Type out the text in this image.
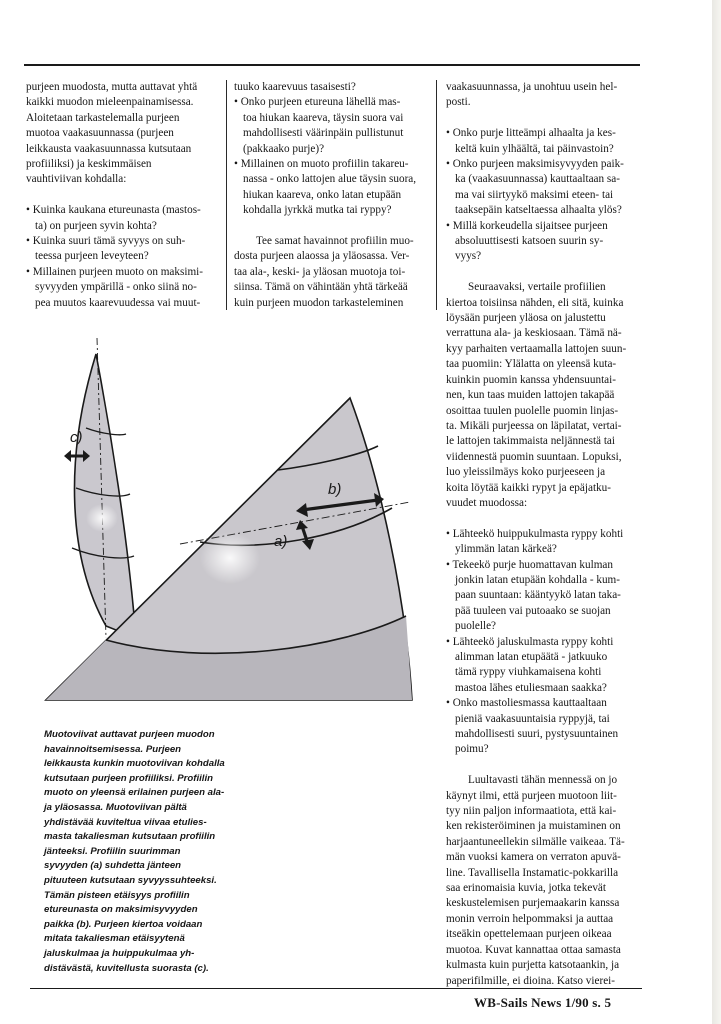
purjeen muodosta, mutta auttavat yhtä
kaikki muodon mieleenpainamisessa.
Aloitetaan tarkastelemalla purjeen
muotoa vaakasuunnassa (purjeen
leikkausta vaakasuunnassa kutsutaan
profiiliksi) ja keskimmäisen
vauhtiviivan kohdalla:
• Kuinka kaukana etureunasta (mastos-
ta) on purjeen syvin kohta?
• Kuinka suuri tämä syvyys on suh-
teessa purjeen leveyteen?
• Millainen purjeen muoto on maksimi-
syvyyden ympärillä - onko siinä no-
pea muutos kaarevuudessa vai muut-

tuuko kaarevuus tasaisesti?

• Onko purjeen etureuna lähellä mas-
toa hiukan kaareva, täysin suora vai
mahdollisesti väärinpäin pullistunut
(pakkaako purje)?
• Millainen on muoto profiilin takareu-
nassa - onko lattojen alue täysin suora,
hiukan kaareva, onko latan etupään
kohdalla jyrkkä mutka tai ryppy?
Tee samat havainnot profiilin muo-
dosta purjeen alaossa ja yläosassa. Ver-
taa ala-, keski- ja yläosan muotoja toi-
siinsa. Tämä on vähintään yhtä tärkeää
kuin purjeen muodon tarkasteleminen
vaakasuunnassa, ja unohtuu usein hel-
posti.
• Onko purje litteämpi alhaalta ja kes-
keltä kuin ylhäältä, tai päinvastoin?
• Onko purjeen maksimisyvyyden paik-
ka (vaakasuunnassa) kauttaaltaan sa-
ma vai siirtyykö maksimi eteen- tai
taaksepäin katseltaessa alhaalta ylös?
• Millä korkeudella sijaitsee purjeen
absoluuttisesti katsoen suurin sy-
vyys?
Seuraavaksi, vertaile profiilien
kiertoa toisiinsa nähden, eli sitä, kuinka
löysään purjeen yläosa on jalustettu
verrattuna ala- ja keskiosaan. Tämä nä-
kyy parhaiten vertaamalla lattojen suun-
taa puomiin: Ylälatta on yleensä kuta-
kuinkin puomin kanssa yhdensuuntai-
nen, kun taas muiden lattojen takapää
osoittaa tuulen puolelle puomin linjas-
ta. Mikäli purjeessa on läpilatat, vertai-
le lattojen takimmaista neljännestä tai
viidennestä puomin suuntaan. Lopuksi,
luo yleissilmäys koko purjeeseen ja
koita löytää kaikki rypyt ja epäjatku-
vuudet muodossa:
• Lähteekö huippukulmasta ryppy kohti
ylimmän latan kärkeä?
• Tekeekö purje huomattavan kulman
jonkin latan etupään kohdalla - kum-
paan suuntaan: kääntyykö latan taka-
pää tuuleen vai putoaako se suojan
puolelle?
• Lähteekö jaluskulmasta ryppy kohti
alimman latan etupäätä - jatkuuko
tämä ryppy viuhkamaisena kohti
mastoa lähes etuliesmaan saakka?
• Onko mastoliesmassa kauttaaltaan
pieniä vaakasuuntaisia ryppyjä, tai
mahdollisesti suuri, pystysuuntainen
poimu?
Luultavasti tähän mennessä on jo
käynyt ilmi, että purjeen muotoon liit-
tyy niin paljon informaatiota, että kai-
ken rekisteröiminen ja muistaminen on
harjaantuneellekin silmälle vaikeaa. Tä-
män vuoksi kamera on verraton apuvä-
line. Tavallisella Instamatic-pokkarilla
saa erinomaisia kuvia, jotka tekevät
keskustelemisen purjemaakarin kanssa
monin verroin helpommaksi ja auttaa
itseäkin opettelemaan purjeen oikeaa
muotoa. Kuvat kannattaa ottaa samasta
kulmasta kuin purjetta katsotaankin, ja
paperifilmille, ei dioina. Katso vierei-
c)
b)
a)
Muotoviivat auttavat purjeen muodon
havainnoitsemisessa. Purjeen
leikkausta kunkin muotoviivan kohdalla
kutsutaan purjeen profiiliksi. Profiilin
muoto on yleensä erilainen purjeen ala-
ja yläosassa. Muotoviivan pältä
yhdistävää kuviteltua viivaa etulies-
masta takaliesman kutsutaan profiilin
jänteeksi. Profiilin suurimman
syvyyden (a) suhdetta jänteen
pituuteen kutsutaan syvyyssuhteeksi.
Tämän pisteen etäisyys profiilin
etureunasta on maksimisyvyyden
paikka (b). Purjeen kiertoa voidaan
mitata takaliesman etäisyytenä
jaluskulmaa ja huippukulmaa yh-
distävästä, kuvitellusta suorasta (c).
WB-Sails News 1/90 s. 5
